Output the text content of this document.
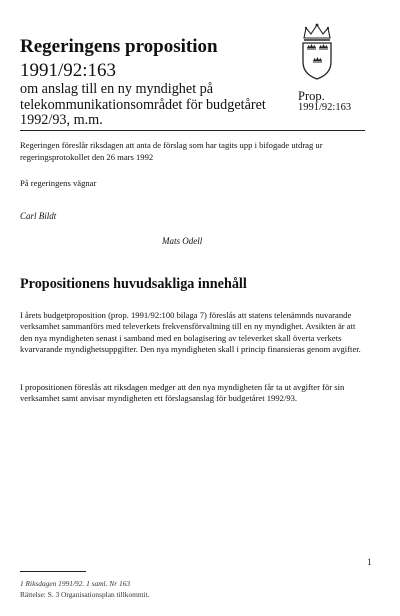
Regeringens proposition
1991/92:163
om anslag till en ny myndighet på telekommunikationsområdet för budgetåret 1992/93, m.m.
Prop.
1991/92:163

Regeringen föreslår riksdagen att anta de förslag som har tagits upp i bifogade utdrag ur regeringsprotokollet den 26 mars 1992

På regeringens vägnar

Carl Bildt
Mats Odell
Propositionens huvudsakliga innehåll

I årets budgetproposition (prop. 1991/92:100 bilaga 7) föreslås att statens telenämnds nuvarande verksamhet sammanförs med televerkets frekvensförvaltning till en ny myndighet. Avsikten är att den nya myndigheten senast i samband med en bolagisering av televerket skall överta verkets kvarvarande myndighetsuppgifter. Den nya myndigheten skall i princip finansieras genom avgifter.

I propositionen föreslås att riksdagen medger att den nya myndigheten får ta ut avgifter för sin verksamhet samt anvisar myndigheten ett förslagsanslag för budgetåret 1992/93.

1
1 Riksdagen 1991/92. 1 saml. Nr 163
Rättelse: S. 3 Organisationsplan tillkommit.
